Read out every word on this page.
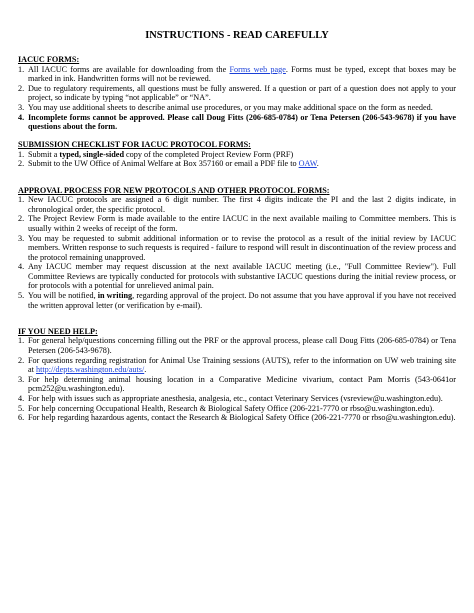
INSTRUCTIONS - READ CAREFULLY
IACUC FORMS:
1. All IACUC forms are available for downloading from the Forms web page. Forms must be typed, except that boxes may be marked in ink. Handwritten forms will not be reviewed.
2. Due to regulatory requirements, all questions must be fully answered. If a question or part of a question does not apply to your project, so indicate by typing “not applicable” or “NA”.
3. You may use additional sheets to describe animal use procedures, or you may make additional space on the form as needed.
4. Incomplete forms cannot be approved. Please call Doug Fitts (206-685-0784) or Tena Petersen (206-543-9678) if you have questions about the form.
SUBMISSION CHECKLIST FOR IACUC PROTOCOL FORMS:
1. Submit a typed, single-sided copy of the completed Project Review Form (PRF)
2. Submit to the UW Office of Animal Welfare at Box 357160 or email a PDF file to OAW.
APPROVAL PROCESS FOR NEW PROTOCOLS AND OTHER PROTOCOL FORMS:
1. New IACUC protocols are assigned a 6 digit number. The first 4 digits indicate the PI and the last 2 digits indicate, in chronological order, the specific protocol.
2. The Project Review Form is made available to the entire IACUC in the next available mailing to Committee members. This is usually within 2 weeks of receipt of the form.
3. You may be requested to submit additional information or to revise the protocol as a result of the initial review by IACUC members. Written response to such requests is required - failure to respond will result in discontinuation of the review process and the protocol remaining unapproved.
4. Any IACUC member may request discussion at the next available IACUC meeting (i.e., "Full Committee Review"). Full Committee Reviews are typically conducted for protocols with substantive IACUC questions during the initial review process, or for protocols with a potential for unrelieved animal pain.
5. You will be notified, in writing, regarding approval of the project. Do not assume that you have approval if you have not received the written approval letter (or verification by e-mail).
IF YOU NEED HELP:
1. For general help/questions concerning filling out the PRF or the approval process, please call Doug Fitts (206-685-0784) or Tena Petersen (206-543-9678).
2. For questions regarding registration for Animal Use Training sessions (AUTS), refer to the information on UW web training site at http://depts.washington.edu/auts/.
3. For help determining animal housing location in a Comparative Medicine vivarium, contact Pam Morris (543-0641or pcm252@u.washington.edu).
4. For help with issues such as appropriate anesthesia, analgesia, etc., contact Veterinary Services (vsreview@u.washington.edu).
5. For help concerning Occupational Health, Research & Biological Safety Office (206-221-7770 or rbso@u.washington.edu).
6. For help regarding hazardous agents, contact the Research & Biological Safety Office (206-221-7770 or rbso@u.washington.edu).
